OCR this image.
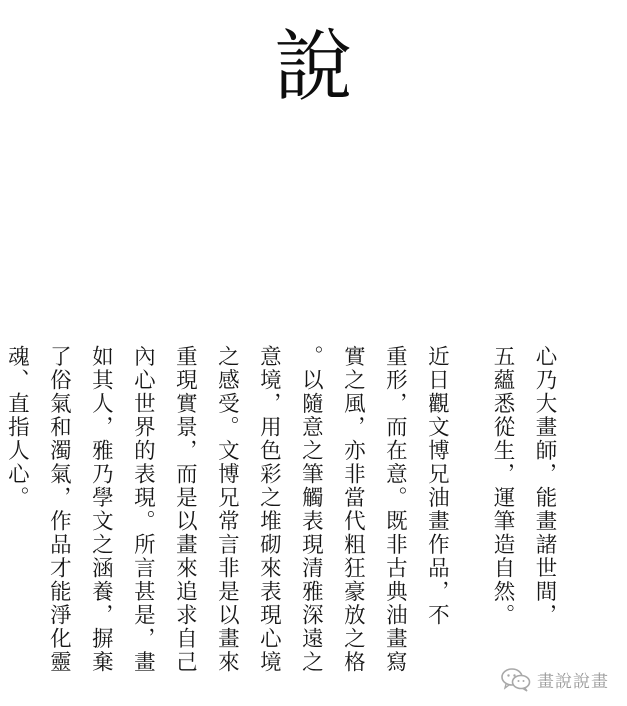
說
心乃大畫師，能畫諸世間，
五蘊悉從生，運筆造自然。
近日觀文博兄油畫作品，不
重形，而在意。既非古典油畫寫
實之風，亦非當代粗狂豪放之格
。以隨意之筆觸表現清雅深遠之
意境，用色彩之堆砌來表現心境
之感受。文博兄常言非是以畫來
重現實景，而是以畫來追求自己
內心世界的表現。所言甚是，畫
如其人，雅乃學文之涵養，摒棄
了俗氣和濁氣，作品才能淨化靈
魂、直指人心。
畫說說畫
